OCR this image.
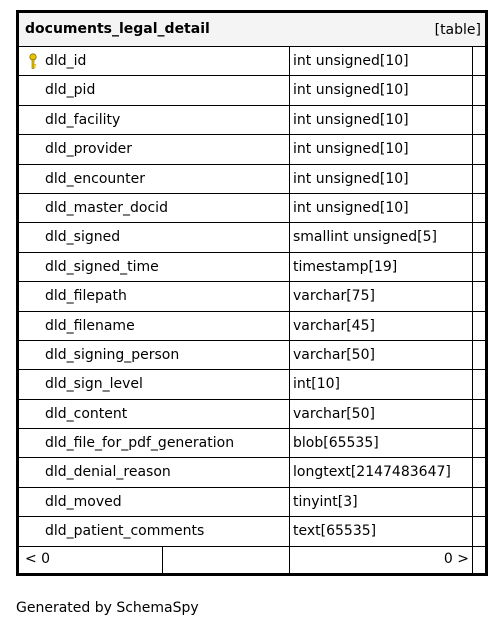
documents_legal_detail	[table]
dld_id	int unsigned[10]
dld_pid	int unsigned[10]
dld_facility	int unsigned[10]
dld_provider	int unsigned[10]
dld_encounter	int unsigned[10]
dld_master_docid	int unsigned[10]
dld_signed	smallint unsigned[5]
dld_signed_time	timestamp[19]
dld_filepath	varchar[75]
dld_filename	varchar[45]
dld_signing_person	varchar[50]
dld_sign_level	int[10]
dld_content	varchar[50]
dld_file_for_pdf_generation	blob[65535]
dld_denial_reason	longtext[2147483647]
dld_moved	tinyint[3]
dld_patient_comments	text[65535]
< 0	0 >
Generated by SchemaSpy
